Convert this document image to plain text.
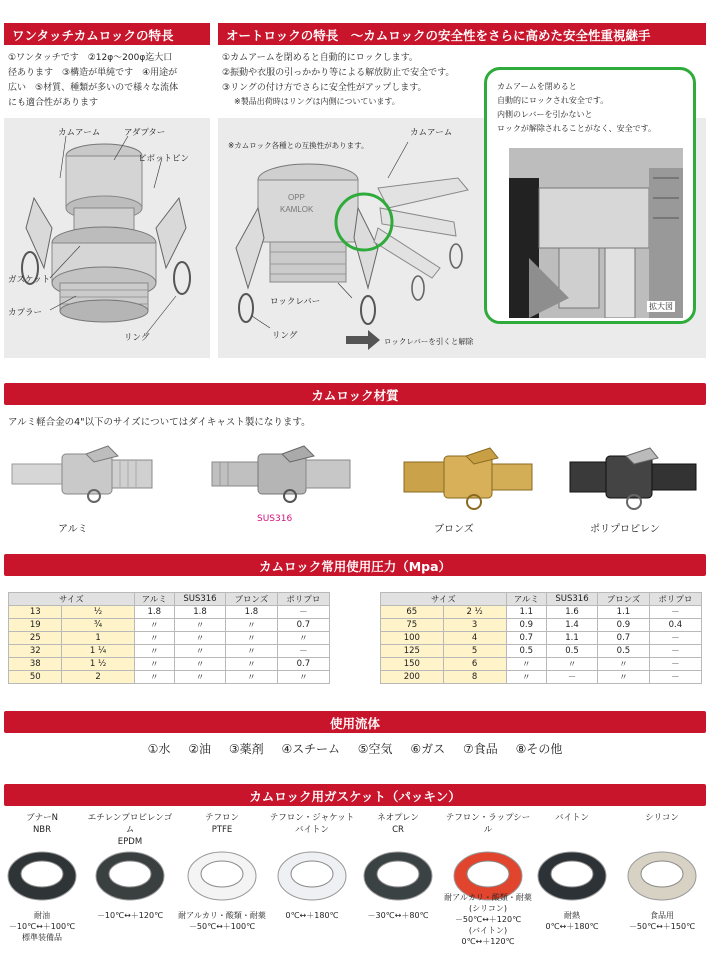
ワンタッチカムロックの特長
①ワンタッチです　②12φ～200φ迄大口
径あります　③構造が単純です　④用途が
広い　⑤材質、種類が多いので様々な流体
にも適合性があります
カムアーム	アダプター
ピボットピン
ガスケット
カプラー
リング
オートロックの特長　～カムロックの安全性をさらに高めた安全性重視継手
①カムアームを閉めると自動的にロックします。
②振動や衣服の引っかかり等による解放防止で安全です。
③リングの付け方でさらに安全性がアップします。
※製品出荷時はリングは内側についています。
OPP
KAMLOK
※カムロック各種との互換性があります。
カムアーム
ロックレバー
リング
ロックレバーを引くと解除
カムアームを閉めると
自動的にロックされ安全です。
内側のレバーを引かないと
ロックが解除されることがなく、安全です。
拡大図
カムロック材質
アルミ軽合金の4"以下のサイズについてはダイキャスト製になります。
アルミ
SUS316
ブロンズ	ポリプロピレン
カムロック常用使用圧力（Mpa）
サイズ		アルミ	SUS316	ブロンズ	ポリプロ
13	½	1.8	1.8	1.8	－
19	¾	〃	〃	〃	0.7
25	1	〃	〃	〃	〃
32	1 ¼	〃	〃	〃	－
38	1 ½	〃	〃	〃	0.7
50	2	〃	〃	〃	〃
サイズ		アルミ	SUS316	ブロンズ	ポリプロ
65	2 ½	1.1	1.6	1.1	－
75	3	0.9	1.4	0.9	0.4
100	4	0.7	1.1	0.7	－
125	5	0.5	0.5	0.5	－
150	6	〃	〃	〃	－
200	8	〃	－	〃	－
使用流体
①水 ②油 ③薬剤 ④スチーム ⑤空気 ⑥ガス ⑦食品 ⑧その他
カムロック用ガスケット（パッキン）
ブナーN
NBR
耐油
－10℃↔＋100℃
標準装備品
エチレンプロピレンゴム
EPDM
－10℃↔＋120℃
テフロン
PTFE
耐アルカリ・酸類・耐薬
－50℃↔＋100℃
テフロン・ジャケット
バイトン
0℃↔＋180℃
ネオプレン
CR
－30℃↔＋80℃
テフロン・ラップシール
耐アルカリ・酸類・耐薬
(シリコン)
－50℃↔＋120℃
(バイトン)
0℃↔＋120℃
バイトン
耐熱
0℃↔＋180℃
シリコン
食品用
－50℃↔＋150℃
